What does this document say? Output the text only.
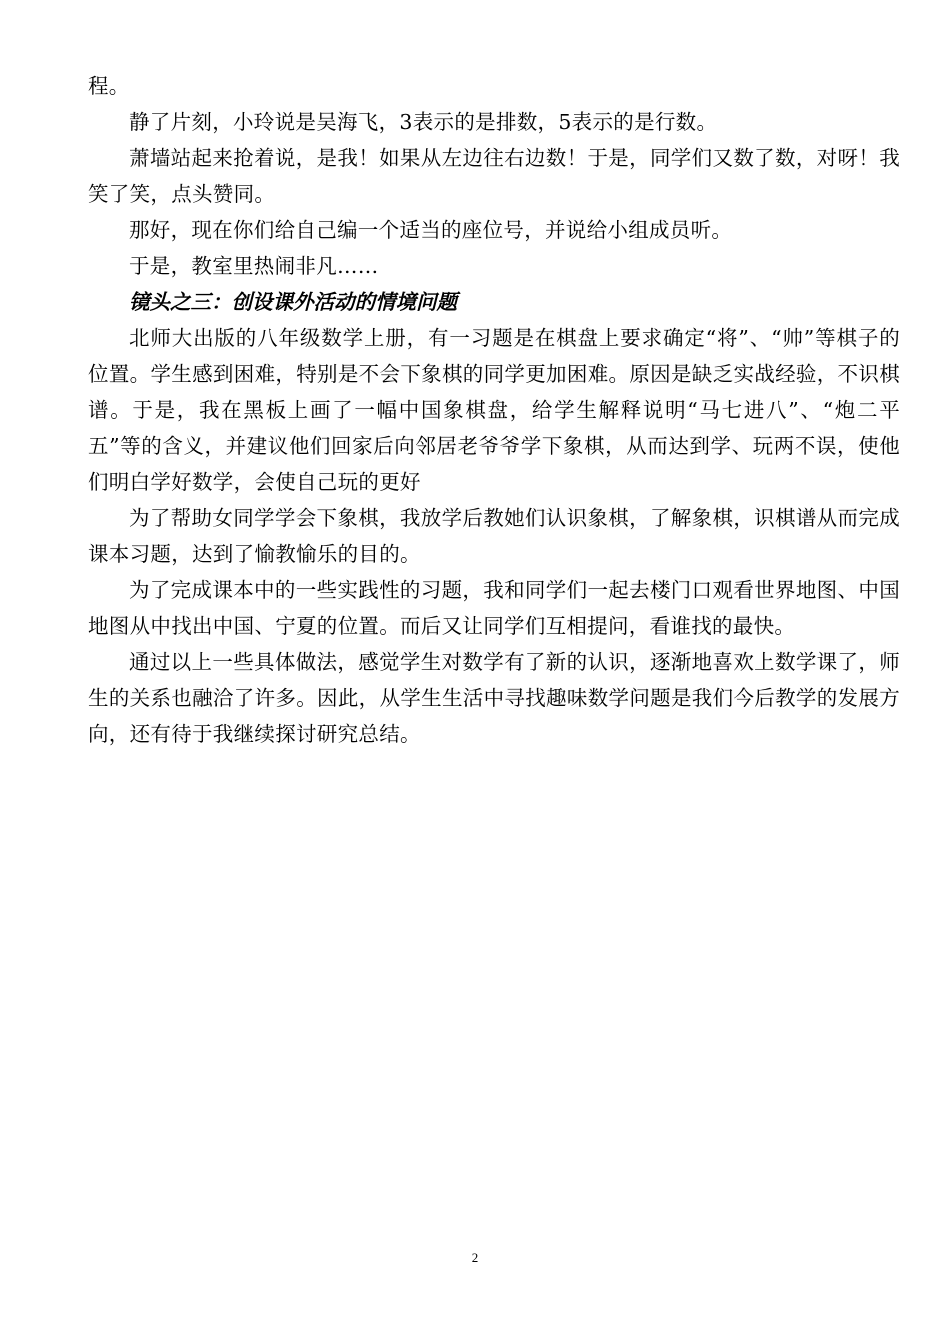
程。

静了片刻，小玲说是吴海飞，3表示的是排数，5表示的是行数。

萧墙站起来抢着说，是我！如果从左边往右边数！于是，同学们又数了数，对呀！我笑了笑，点头赞同。

那好，现在你们给自己编一个适当的座位号，并说给小组成员听。

于是，教室里热闹非凡……

镜头之三：创设课外活动的情境问题

北师大出版的八年级数学上册，有一习题是在棋盘上要求确定“将”、“帅”等棋子的位置。学生感到困难，特别是不会下象棋的同学更加困难。原因是缺乏实战经验，不识棋谱。于是，我在黑板上画了一幅中国象棋盘，给学生解释说明“马七进八”、“炮二平五”等的含义，并建议他们回家后向邻居老爷爷学下象棋，从而达到学、玩两不误，使他们明白学好数学，会使自己玩的更好

为了帮助女同学学会下象棋，我放学后教她们认识象棋，了解象棋，识棋谱从而完成课本习题，达到了愉教愉乐的目的。

为了完成课本中的一些实践性的习题，我和同学们一起去楼门口观看世界地图、中国地图从中找出中国、宁夏的位置。而后又让同学们互相提问，看谁找的最快。

通过以上一些具体做法，感觉学生对数学有了新的认识，逐渐地喜欢上数学课了，师生的关系也融洽了许多。因此，从学生生活中寻找趣味数学问题是我们今后教学的发展方向，还有待于我继续探讨研究总结。

2
